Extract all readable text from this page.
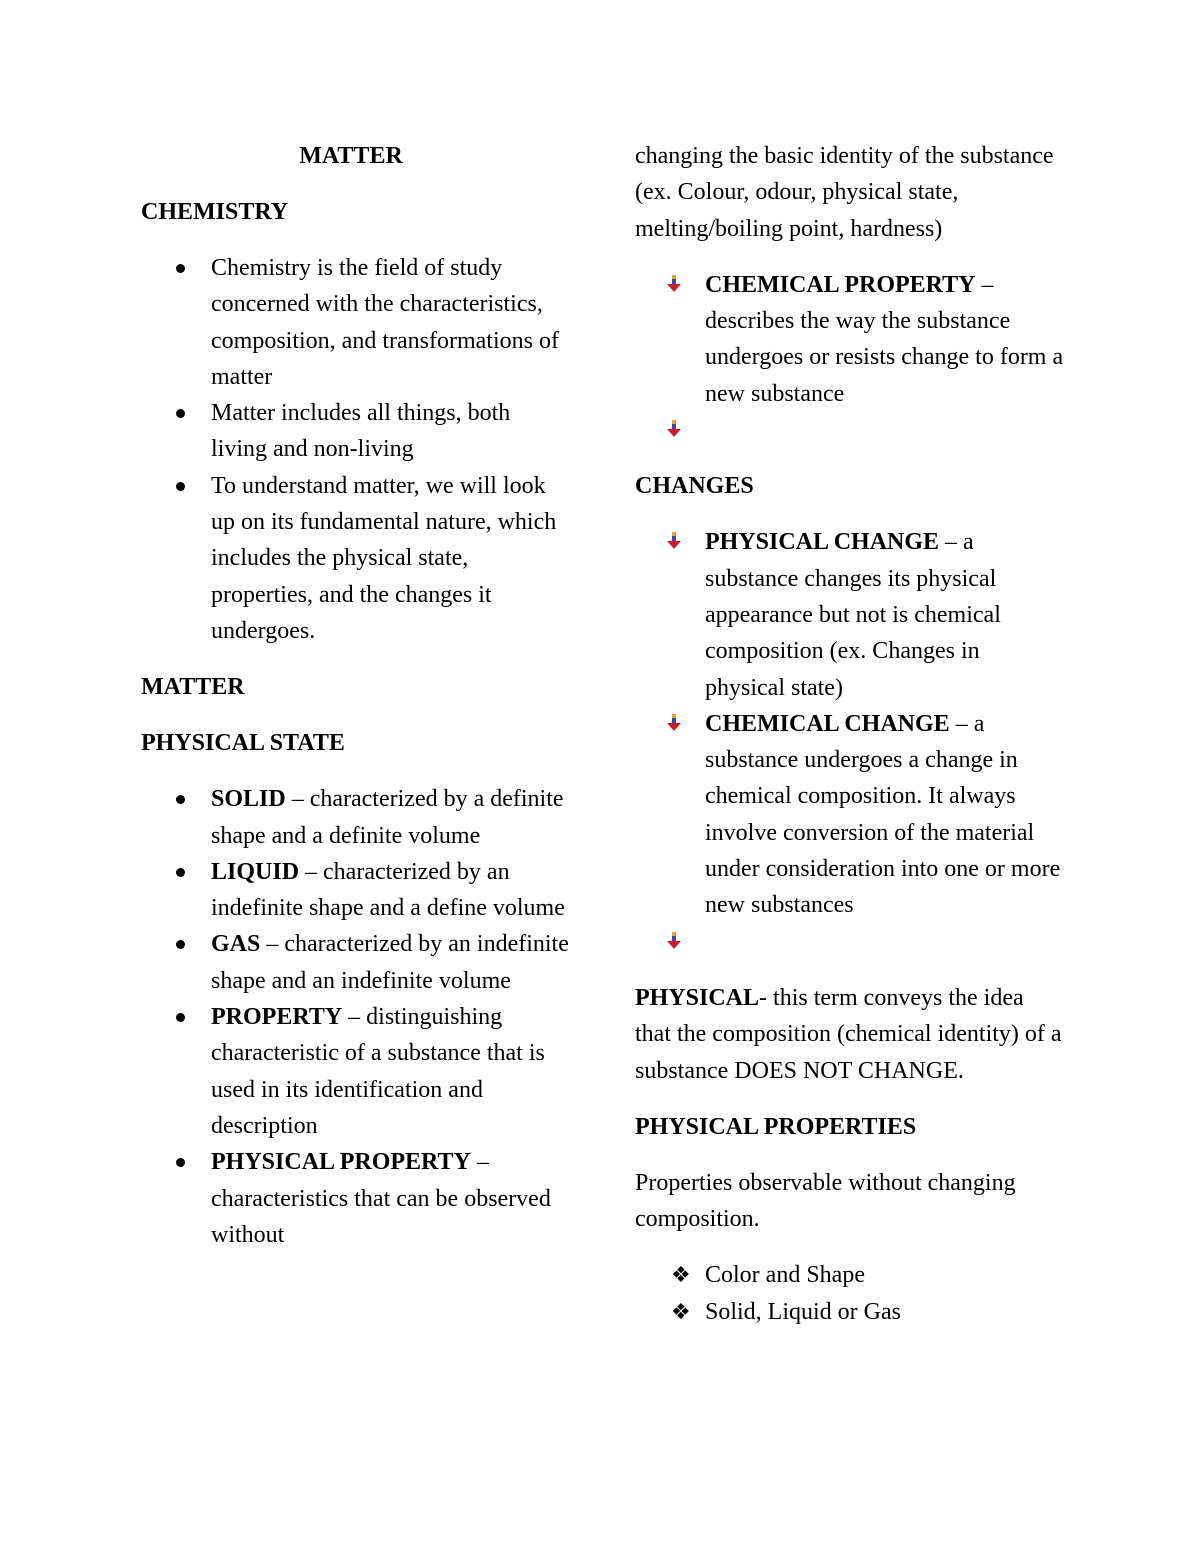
MATTER

CHEMISTRY

Chemistry is the field of study concerned with the characteristics, composition, and transformations of matter
Matter includes all things, both living and non-living
To understand matter, we will look up on its fundamental nature, which includes the physical state, properties, and the changes it undergoes.

MATTER

PHYSICAL STATE

SOLID – characterized by a definite shape and a definite volume
LIQUID – characterized by an indefinite shape and a define volume
GAS – characterized by an indefinite shape and an indefinite volume
PROPERTY – distinguishing characteristic of a substance that is used in its identification and description
PHYSICAL PROPERTY – characteristics that can be observed without

changing the basic identity of the substance (ex. Colour, odour, physical state, melting/boiling point, hardness)

CHEMICAL PROPERTY – describes the way the substance undergoes or resists change to form a new substance

CHANGES

PHYSICAL CHANGE – a substance changes its physical appearance but not is chemical composition (ex. Changes in physical state)
CHEMICAL CHANGE – a substance undergoes a change in chemical composition. It always involve conversion of the material under consideration into one or more new substances

PHYSICAL- this term conveys the idea that the composition (chemical identity) of a substance DOES NOT CHANGE.

PHYSICAL PROPERTIES

Properties observable without changing composition.

❖ Color and Shape
❖ Solid, Liquid or Gas
